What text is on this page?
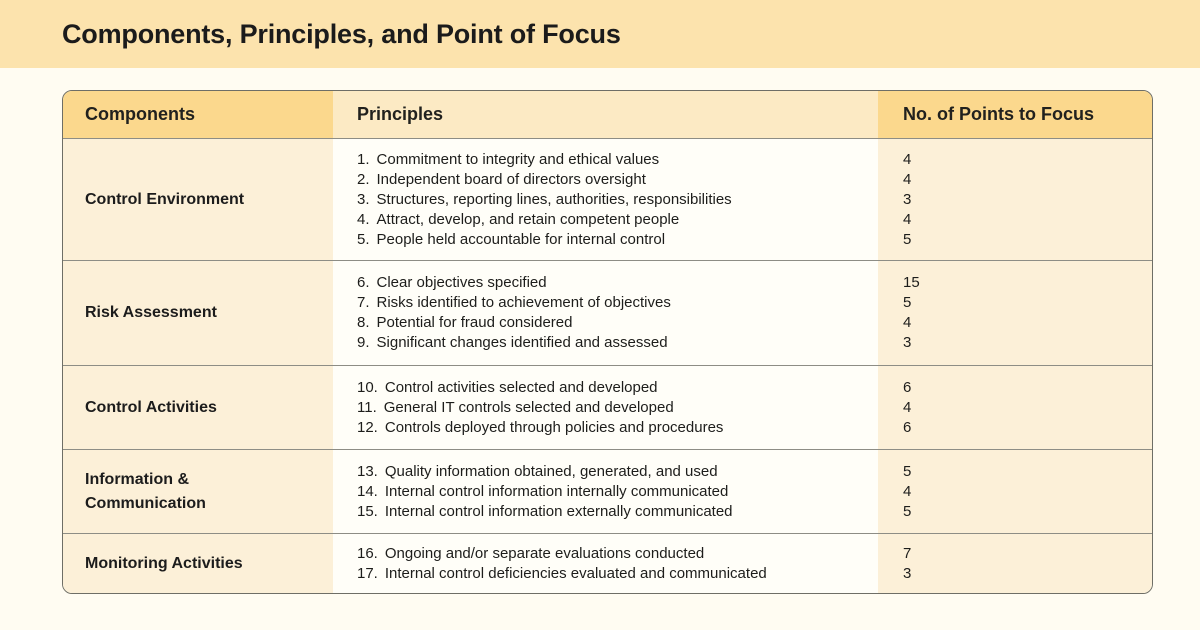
Components, Principles, and Point of Focus
Components	Principles	No. of Points to Focus
Control Environment
1. Commitment to integrity and ethical values
2. Independent board of directors oversight
3. Structures, reporting lines, authorities, responsibilities
4. Attract, develop, and retain competent people
5. People held accountable for internal control
4
4
3
4
5
Risk Assessment
6. Clear objectives specified
7. Risks identified to achievement of objectives
8. Potential for fraud considered
9. Significant changes identified and assessed
15
5
4
3
Control Activities
10. Control activities selected and developed
11. General IT controls selected and developed
12. Controls deployed through policies and procedures
6
4
6
Information & Communication
13. Quality information obtained, generated, and used
14. Internal control information internally communicated
15. Internal control information externally communicated
5
4
5
Monitoring Activities
16. Ongoing and/or separate evaluations conducted
17. Internal control deficiencies evaluated and communicated
7
3
